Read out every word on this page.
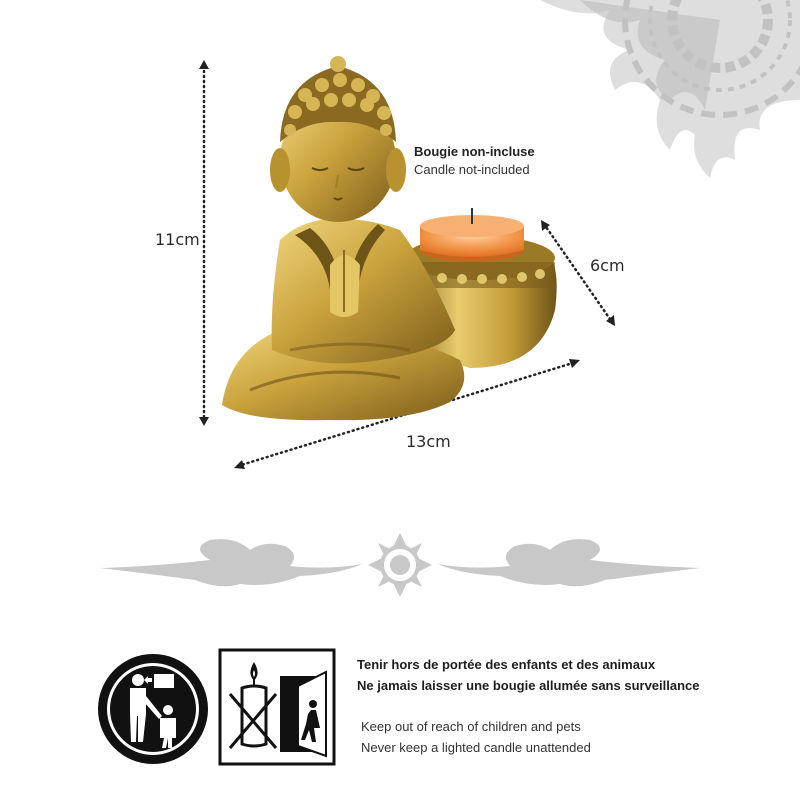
11cm
6cm
13cm
Bougie non-incluse
Candle not-included
Tenir hors de portée des enfants et des animaux
Ne jamais laisser une bougie allumée sans surveillance
Keep out of reach of children and pets
Never keep a lighted candle unattended
